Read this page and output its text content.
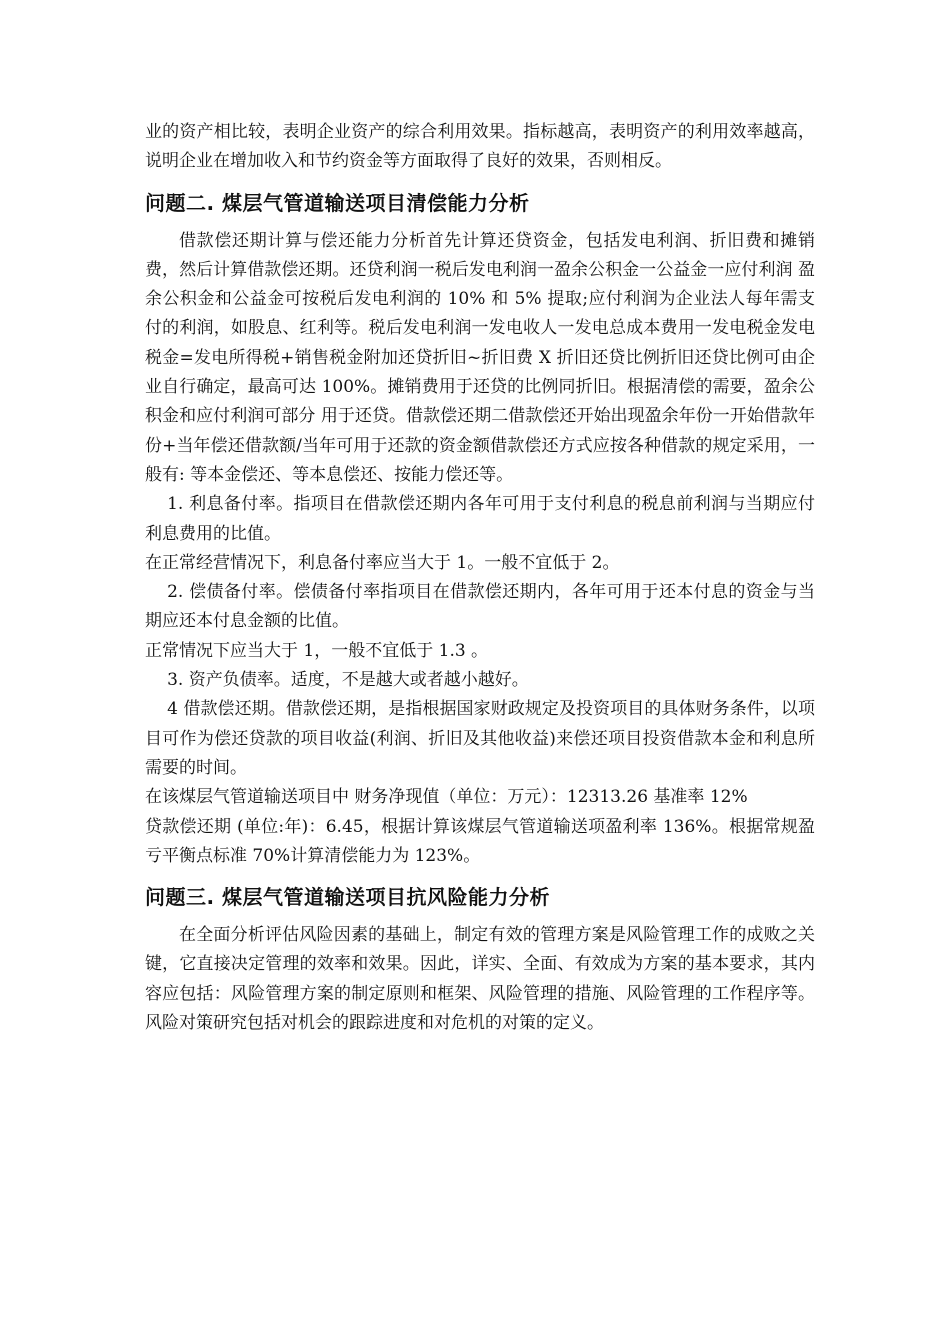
业的资产相比较，表明企业资产的综合利用效果。指标越高，表明资产的利用效率越高，说明企业在增加收入和节约资金等方面取得了良好的效果，否则相反。

问题二. 煤层气管道输送项目清偿能力分析

借款偿还期计算与偿还能力分析首先计算还贷资金，包括发电利润、折旧费和摊销费，然后计算借款偿还期。还贷利润一税后发电利润一盈余公积金一公益金一应付利润 盈余公积金和公益金可按税后发电利润的 10% 和 5% 提取;应付利润为企业法人每年需支付的利润，如股息、红利等。税后发电利润一发电收人一发电总成本费用一发电税金发电税金=发电所得税+销售税金附加还贷折旧~折旧费 X 折旧还贷比例折旧还贷比例可由企业自行确定，最高可达 100%。摊销费用于还贷的比例同折旧。根据清偿的需要，盈余公积金和应付利润可部分 用于还贷。借款偿还期二借款偿还开始出现盈余年份一开始借款年份+当年偿还借款额/当年可用于还款的资金额借款偿还方式应按各种借款的规定采用，一般有: 等本金偿还、等本息偿还、按能力偿还等。

1. 利息备付率。指项目在借款偿还期内各年可用于支付利息的税息前利润与当期应付利息费用的比值。

在正常经营情况下，利息备付率应当大于 1。一般不宜低于 2。

2. 偿债备付率。偿债备付率指项目在借款偿还期内，各年可用于还本付息的资金与当期应还本付息金额的比值。

正常情况下应当大于 1，一般不宜低于 1.3 。

3. 资产负债率。适度，不是越大或者越小越好。

4 借款偿还期。借款偿还期，是指根据国家财政规定及投资项目的具体财务条件，以项目可作为偿还贷款的项目收益(利润、折旧及其他收益)来偿还项目投资借款本金和利息所需要的时间。

在该煤层气管道输送项目中 财务净现值（单位：万元）：12313.26 基准率 12%

贷款偿还期 (单位:年)：6.45，根据计算该煤层气管道输送项盈利率 136%。根据常规盈亏平衡点标准 70%计算清偿能力为 123%。

问题三. 煤层气管道输送项目抗风险能力分析

在全面分析评估风险因素的基础上，制定有效的管理方案是风险管理工作的成败之关键，它直接决定管理的效率和效果。因此，详实、全面、有效成为方案的基本要求，其内容应包括：风险管理方案的制定原则和框架、风险管理的措施、风险管理的工作程序等。风险对策研究包括对机会的跟踪进度和对危机的对策的定义。
